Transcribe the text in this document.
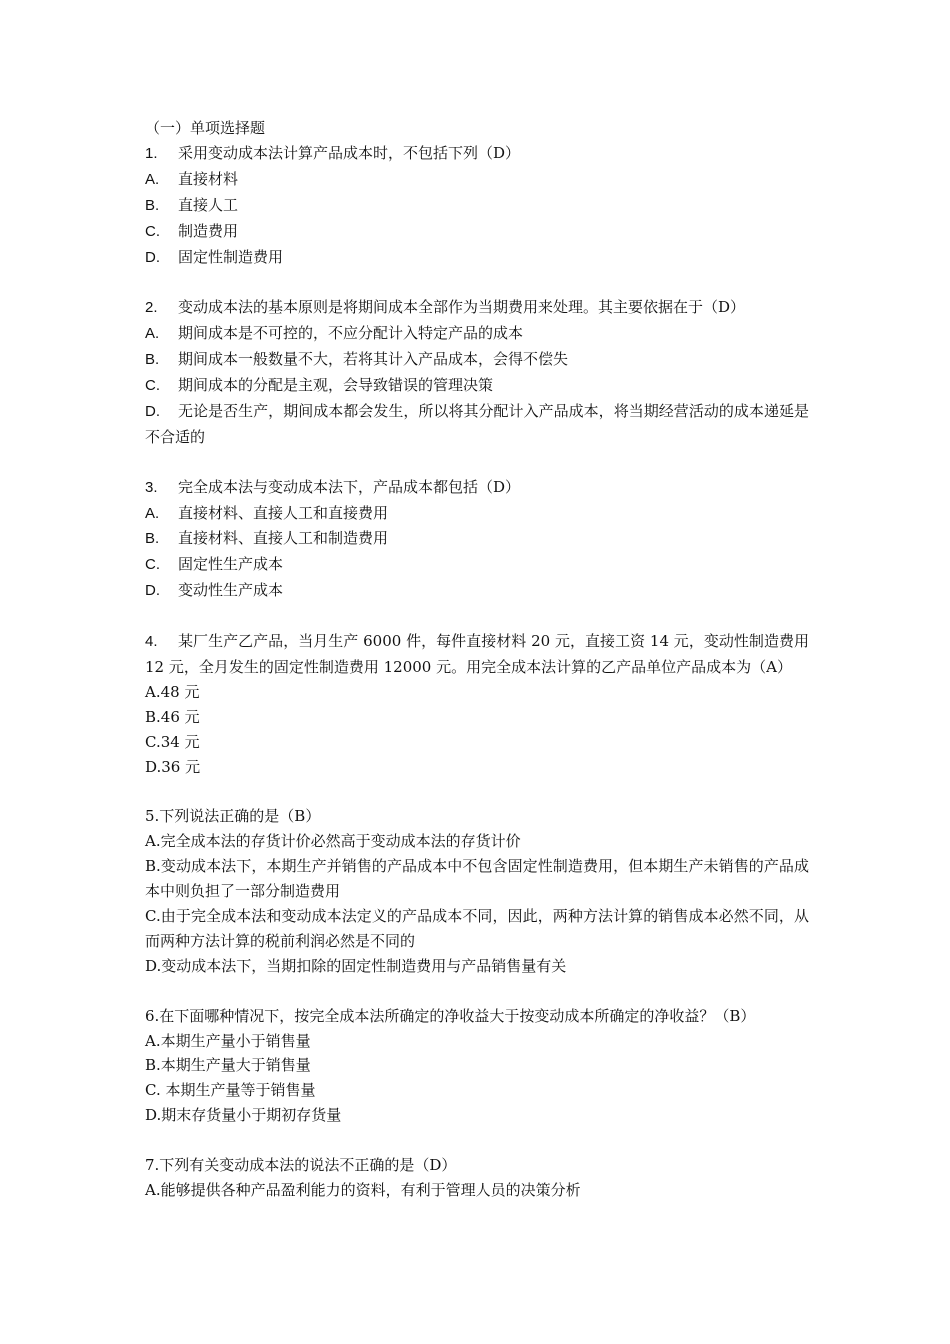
（一）单项选择题
1. 采用变动成本法计算产品成本时，不包括下列（D）
A. 直接材料
B. 直接人工
C. 制造费用
D. 固定性制造费用
2. 变动成本法的基本原则是将期间成本全部作为当期费用来处理。其主要依据在于（D）
A. 期间成本是不可控的，不应分配计入特定产品的成本
B. 期间成本一般数量不大，若将其计入产品成本，会得不偿失
C. 期间成本的分配是主观，会导致错误的管理决策
D. 无论是否生产，期间成本都会发生，所以将其分配计入产品成本，将当期经营活动的成本递延是不合适的
3. 完全成本法与变动成本法下，产品成本都包括（D）
A. 直接材料、直接人工和直接费用
B. 直接材料、直接人工和制造费用
C. 固定性生产成本
D. 变动性生产成本
4. 某厂生产乙产品，当月生产 6000 件，每件直接材料 20 元，直接工资 14 元，变动性制造费用 12 元，全月发生的固定性制造费用 12000 元。用完全成本法计算的乙产品单位产品成本为（A）
A.48 元
B.46 元
C.34 元
D.36 元
5.下列说法正确的是（B）
A.完全成本法的存货计价必然高于变动成本法的存货计价
B.变动成本法下，本期生产并销售的产品成本中不包含固定性制造费用，但本期生产未销售的产品成本中则负担了一部分制造费用
C.由于完全成本法和变动成本法定义的产品成本不同，因此，两种方法计算的销售成本必然不同，从而两种方法计算的税前利润必然是不同的
D.变动成本法下，当期扣除的固定性制造费用与产品销售量有关
6.在下面哪种情况下，按完全成本法所确定的净收益大于按变动成本所确定的净收益？（B）
A.本期生产量小于销售量
B.本期生产量大于销售量
C. 本期生产量等于销售量
D.期末存货量小于期初存货量
7.下列有关变动成本法的说法不正确的是（D）
A.能够提供各种产品盈利能力的资料，有利于管理人员的决策分析
